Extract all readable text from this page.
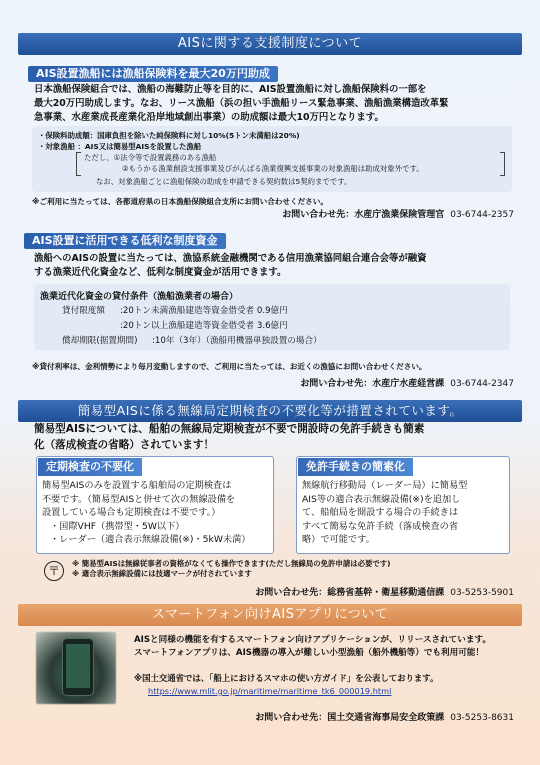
AISに関する支援制度について
AIS設置漁船には漁船保険料を最大20万円助成
日本漁船保険組合では、漁船の海難防止等を目的に、AIS設置漁船に対し漁船保険料の一部を
最大20万円助成します。なお、リース漁船（浜の担い手漁船リース緊急事業、漁船漁業構造改革緊
急事業、水産業成長産業化沿岸地域創出事業）の助成額は最大10万円となります。
・保険料助成額：国庫負担を除いた純保険料に対し10%(5トン未満船は20%)
・対象漁船 ：AIS又は簡易型AISを設置した漁船
ただし、①法令等で設置義務のある漁船
②もうかる漁業創設支援事業及びがんばる漁業復興支援事業の対象漁船は助成対象外です。
なお、対象漁船ごとに漁船保険の助成を申請できる契約数は5契約までです。
※ご利用に当たっては、各都道府県の日本漁船保険組合支所にお問い合わせください。
お問い合わせ先：水産庁漁業保険管理官 03-6744-2357
AIS設置に活用できる低利な制度資金
漁船へのAISの設置に当たっては、漁協系統金融機関である信用漁業協同組合連合会等が融資
する漁業近代化資金など、低利な制度資金が活用できます。
漁業近代化資金の貸付条件（漁船漁業者の場合）
貸付限度額 :20トン未満漁船建造等資金借受者 0.9億円
:20トン以上漁船建造等資金借受者 3.6億円
償却期限(据置期間) :10年（3年）（漁船用機器単独設置の場合）
※貸付利率は、金利情勢により毎月変動しますので、ご利用に当たっては、お近くの漁協にお問い合わせください。
お問い合わせ先：水産庁水産経営課 03-6744-2347
簡易型AISに係る無線局定期検査の不要化等が措置されています。
簡易型AISについては、船舶の無線局定期検査が不要で開設時の免許手続きも簡素
化（落成検査の省略）されています！
定期検査の不要化
簡易型AISのみを設置する船舶局の定期検査は
不要です。（簡易型AISと併せて次の無線設備を
設置している場合も定期検査は不要です。）
・国際VHF（携帯型・5W以下）
・レーダー（適合表示無線設備(※)・5kW未満）
免許手続きの簡素化
無線航行移動局（レーダー局）に簡易型
AIS等の適合表示無線設備(※)を追加し
て、船舶局を開設する場合の手続きは
すべて簡易な免許手続（落成検査の省
略）で可能です。
〒
※ 簡易型AISは無線従事者の資格がなくても操作できます(ただし無線局の免許申請は必要です)
※ 適合表示無線設備には技適マークが付されています
お問い合わせ先：総務省基幹・衛星移動通信課 03-5253-5901
スマートフォン向けAISアプリについて
AISと同様の機能を有するスマートフォン向けアプリケーションが、リリースされています。
スマートフォンアプリは、AIS機器の導入が難しい小型漁船（船外機船等）でも利用可能！
※国土交通省では、「船上におけるスマホの使い方ガイド」を公表しております。
https://www.mlit.go.jp/maritime/maritime_tk6_000019.html
お問い合わせ先：国土交通省海事局安全政策課 03-5253-8631
